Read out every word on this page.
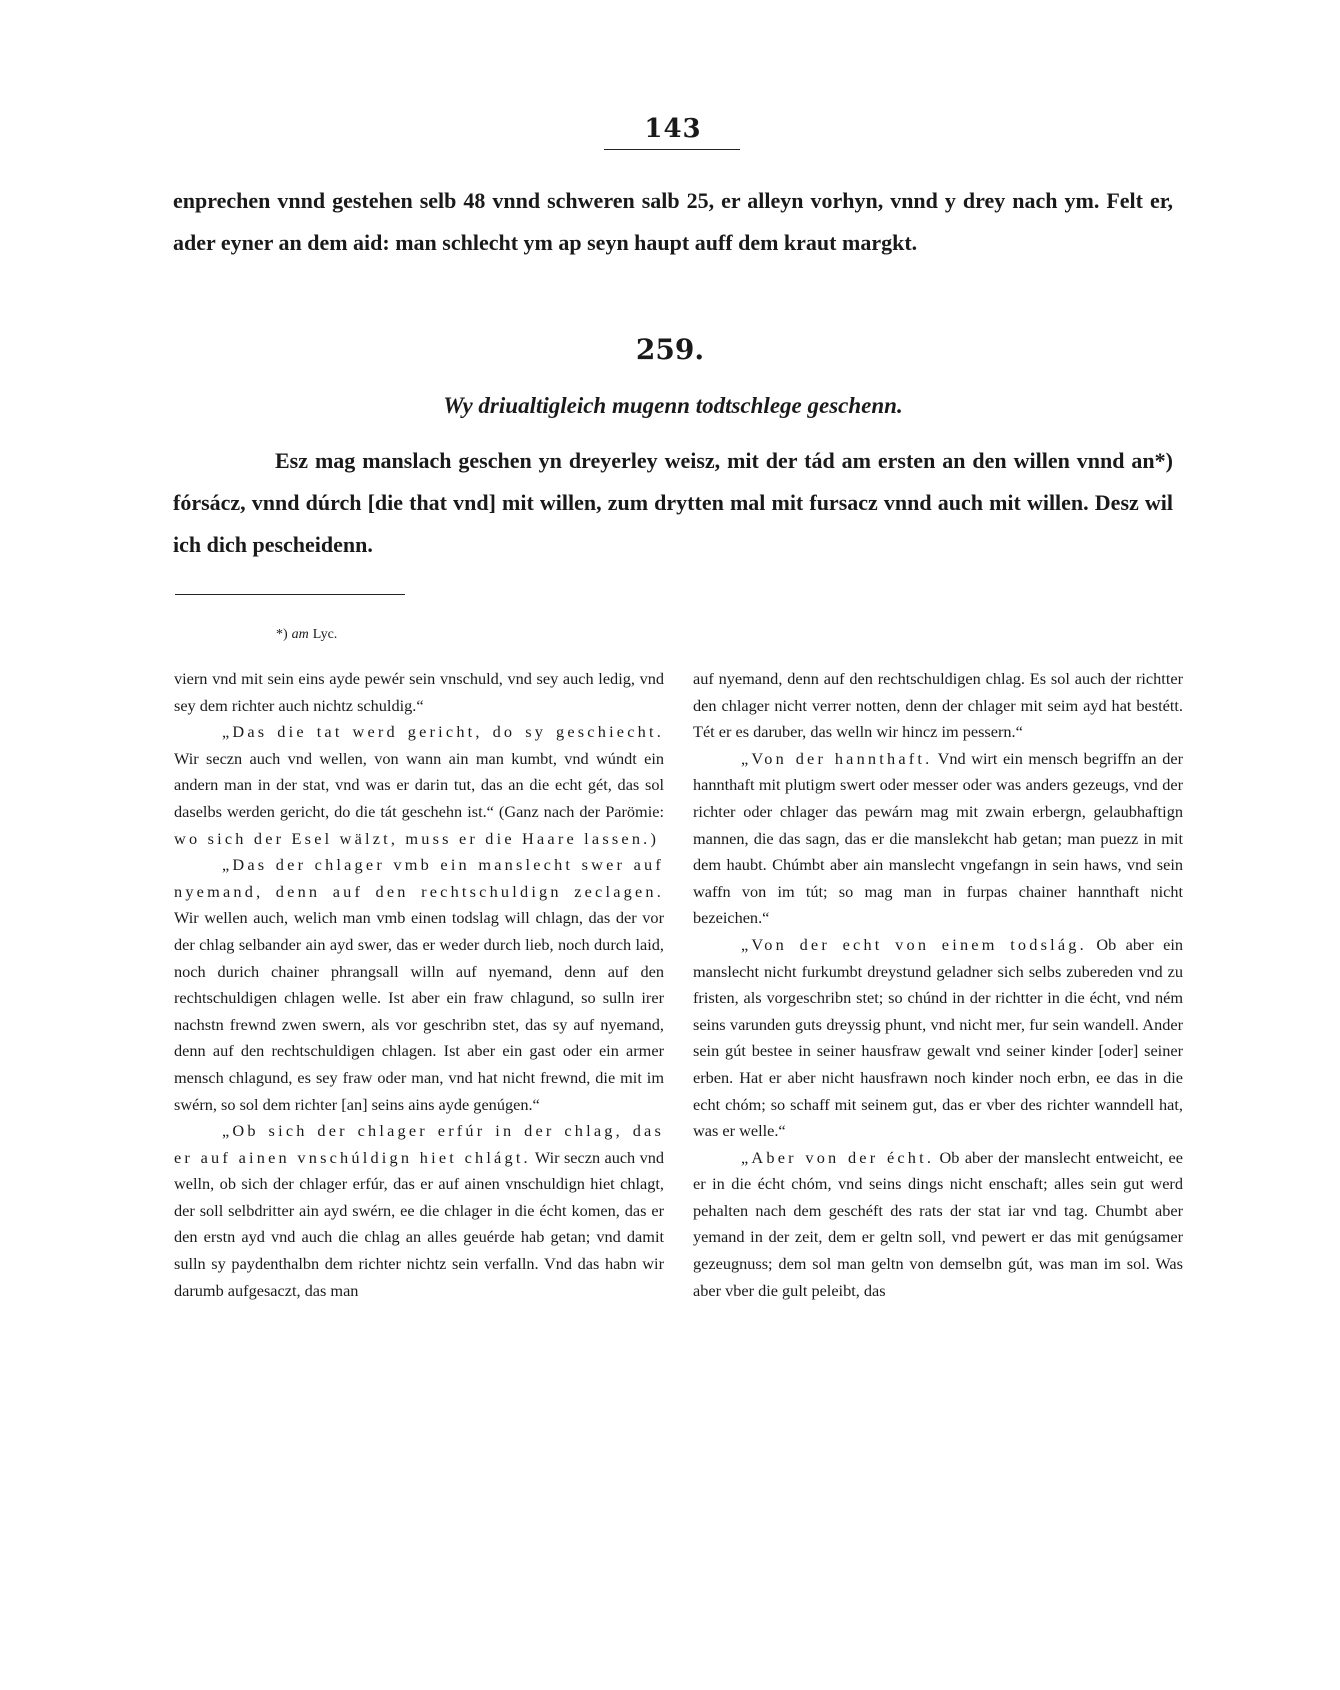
143
enprechen vnnd gestehen selb 48 vnnd schweren salb 25, er alleyn vorhyn, vnnd y drey nach ym. Felt er, ader eyner an dem aid: man schlecht ym ap seyn haupt auff dem kraut margkt.
259.
Wy driualtigleich mugenn todtschlege geschenn.
Esz mag manslach geschen yn dreyerley weisz, mit der tád am ersten an den willen vnnd an*) fórsácz, vnnd dúrch [die that vnd] mit willen, zum drytten mal mit fursacz vnnd auch mit willen. Desz wil ich dich pescheidenn.
*) am Lyc.

viern vnd mit sein eins ayde pewér sein vnschuld, vnd sey auch ledig, vnd sey dem richter auch nichtz schuldig.“

„Das die tat werd gericht, do sy geschiecht. Wir seczn auch vnd wellen, von wann ain man kumbt, vnd wúndt ein andern man in der stat, vnd was er darin tut, das an die echt gét, das sol daselbs werden gericht, do die tát geschehn ist.“ (Ganz nach der Parömie: wo sich der Esel wälzt, muss er die Haare lassen.)

„Das der chlager vmb ein manslecht swer auf nyemand, denn auf den rechtschuldign zeclagen. Wir wellen auch, welich man vmb einen todslag will chlagn, das der vor der chlag selbander ain ayd swer, das er weder durch lieb, noch durch laid, noch durich chainer phrangsall willn auf nyemand, denn auf den rechtschuldigen chlagen welle. Ist aber ein fraw chlagund, so sulln irer nachstn frewnd zwen swern, als vor geschribn stet, das sy auf nyemand, denn auf den rechtschuldigen chlagen. Ist aber ein gast oder ein armer mensch chlagund, es sey fraw oder man, vnd hat nicht frewnd, die mit im swérn, so sol dem richter [an] seins ains ayde genúgen.“

„Ob sich der chlager erfúr in der chlag, das er auf ainen vnschúldign hiet chlágt. Wir seczn auch vnd welln, ob sich der chlager erfúr, das er auf ainen vnschuldign hiet chlagt, der soll selbdritter ain ayd swérn, ee die chlager in die écht komen, das er den erstn ayd vnd auch die chlag an alles geuérde hab getan; vnd damit sulln sy paydenthalbn dem richter nichtz sein verfalln. Vnd das habn wir darumb aufgesaczt, das man

auf nyemand, denn auf den rechtschuldigen chlag. Es sol auch der richtter den chlager nicht verrer notten, denn der chlager mit seim ayd hat bestétt. Tét er es daruber, das welln wir hincz im pessern.“

„Von der hannthaft. Vnd wirt ein mensch begriffn an der hannthaft mit plutigm swert oder messer oder was anders gezeugs, vnd der richter oder chlager das pewárn mag mit zwain erbergn, gelaubhaftign mannen, die das sagn, das er die manslekcht hab getan; man puezz in mit dem haubt. Chúmbt aber ain manslecht vngefangn in sein haws, vnd sein waffn von im tút; so mag man in furpas chainer hannthaft nicht bezeichen.“

„Von der echt von einem todslág. Ob aber ein manslecht nicht furkumbt dreystund geladner sich selbs zubereden vnd zu fristen, als vorgeschribn stet; so chúnd in der richtter in die écht, vnd ném seins varunden guts dreyssig phunt, vnd nicht mer, fur sein wandell. Ander sein gút bestee in seiner hausfraw gewalt vnd seiner kinder [oder] seiner erben. Hat er aber nicht hausfrawn noch kinder noch erbn, ee das in die echt chóm; so schaff mit seinem gut, das er vber des richter wanndell hat, was er welle.“

„Aber von der écht. Ob aber der manslecht entweicht, ee er in die écht chóm, vnd seins dings nicht enschaft; alles sein gut werd pehalten nach dem geschéft des rats der stat iar vnd tag. Chumbt aber yemand in der zeit, dem er geltn soll, vnd pewert er das mit genúgsamer gezeugnuss; dem sol man geltn von demselbn gút, was man im sol. Was aber vber die gult peleibt, das
